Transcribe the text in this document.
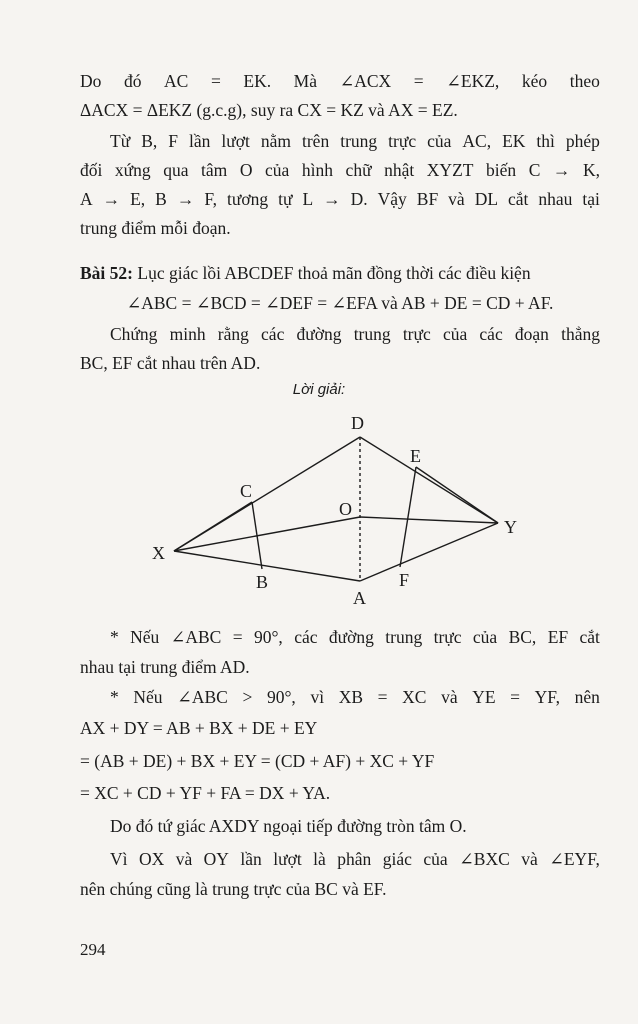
Do đó AC = EK. Mà ∠ACX = ∠EKZ, kéo theo
ΔACX = ΔEKZ (g.c.g), suy ra CX = KZ và AX = EZ.
Từ B, F lần lượt nằm trên trung trực của AC, EK thì phép
đối xứng qua tâm O của hình chữ nhật XYZT biến C → K,
A → E, B → F, tương tự L → D. Vậy BF và DL cắt nhau tại
trung điểm mỗi đoạn.
Bài 52: Lục giác lồi ABCDEF thoả mãn đồng thời các điều kiện
∠ABC = ∠BCD = ∠DEF = ∠EFA và AB + DE = CD + AF.
Chứng minh rằng các đường trung trực của các đoạn thẳng
BC, EF cắt nhau trên AD.
Lời giải:
D
E
C
O
Y
X
B	F
A
* Nếu ∠ABC = 90°, các đường trung trực của BC, EF cắt
nhau tại trung điểm AD.
* Nếu ∠ABC > 90°, vì XB = XC và YE = YF, nên
AX + DY = AB + BX + DE + EY
= (AB + DE) + BX + EY = (CD + AF) + XC + YF
= XC + CD + YF + FA = DX + YA.
Do đó tứ giác AXDY ngoại tiếp đường tròn tâm O.
Vì OX và OY lần lượt là phân giác của ∠BXC và ∠EYF,
nên chúng cũng là trung trực của BC và EF.
294
